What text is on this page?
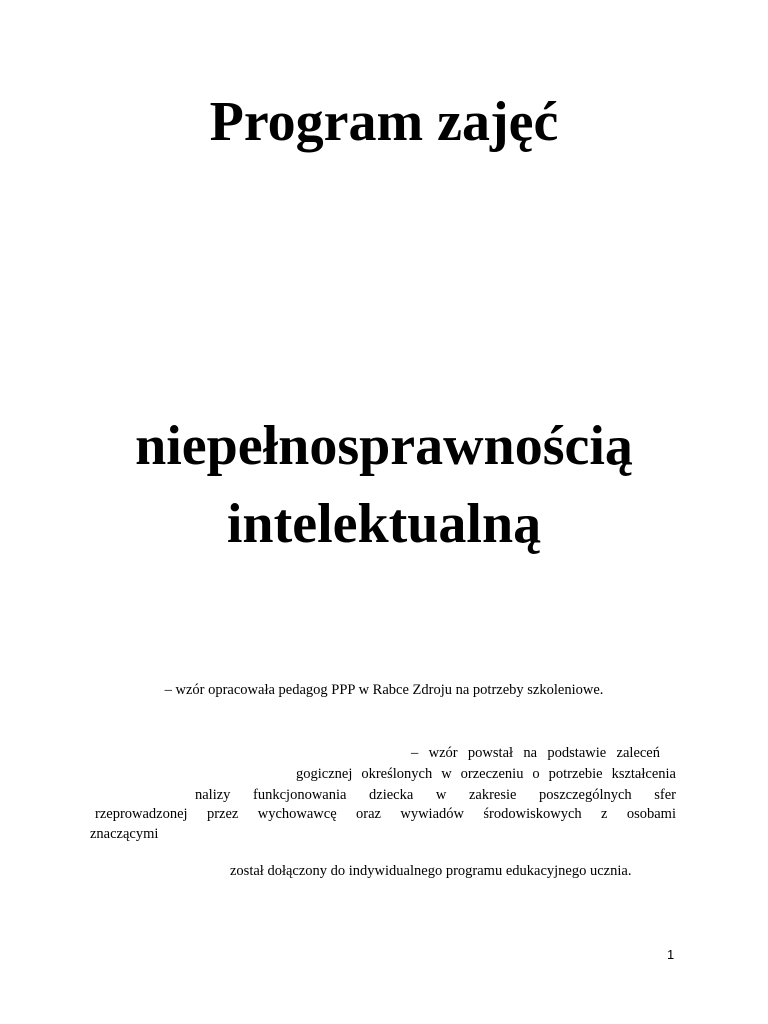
Program zajęć
niepełnosprawnością
intelektualną
– wzór opracowała pedagog PPP w Rabce Zdroju na potrzeby szkoleniowe.
– wzór powstał na podstawie zaleceń
gogicznej określonych w orzeczeniu o potrzebie kształcenia
nalizy funkcjonowania dziecka w zakresie poszczególnych sfer
rzeprowadzonej przez wychowawcę oraz wywiadów środowiskowych z osobami
znaczącymi
został dołączony do indywidualnego programu edukacyjnego ucznia.
1
